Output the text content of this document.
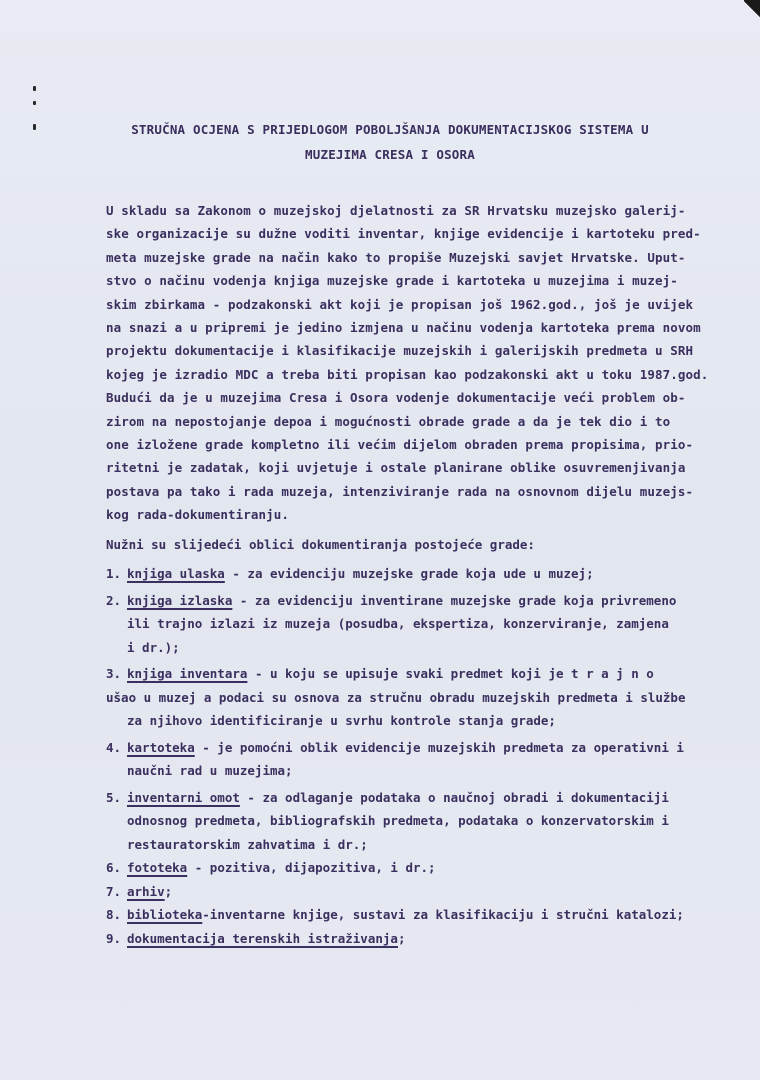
STRUČNA OCJENA S PRIJEDLOGOM POBOLJŠANJA DOKUMENTACIJSKOG SISTEMA U
MUZEJIMA CRESA I OSORA
U skladu sa Zakonom o muzejskoj djelatnosti za SR Hrvatsku muzejsko galerij-
ske organizacije su dužne voditi inventar, knjige evidencije i kartoteku pred-
meta muzejske grade na način kako to propiše Muzejski savjet Hrvatske. Uput-
stvo o načinu vodenja knjiga muzejske grade i kartoteka u muzejima i muzej-
skim zbirkama - podzakonski akt koji je propisan još 1962.god., još je uvijek
na snazi a u pripremi je jedino izmjena u načinu vodenja kartoteka prema novom
projektu dokumentacije i klasifikacije muzejskih i galerijskih predmeta u SRH
kojeg je izradio MDC a treba biti propisan kao podzakonski akt u toku 1987.god.
Budući da je u muzejima Cresa i Osora vodenje dokumentacije veći problem ob-
zirom na nepostojanje depoa i mogućnosti obrade grade a da je tek dio i to
one izložene grade kompletno ili većim dijelom obraden prema propisima, prio-
ritetni je zadatak, koji uvjetuje i ostale planirane oblike osuvremenjivanja
postava pa tako i rada muzeja, intenziviranje rada na osnovnom dijelu muzejs-
kog rada-dokumentiranju.
Nužni su slijedeći oblici dokumentiranja postojeće grade:
1. knjiga ulaska - za evidenciju muzejske grade koja ude u muzej;
2. knjiga izlaska - za evidenciju inventirane muzejske grade koja privremeno
ili trajno izlazi iz muzeja (posudba, ekspertiza, konzerviranje, zamjena
i dr.);
3. knjiga inventara - u koju se upisuje svaki predmet koji je t r a j n o
ušao u muzej a podaci su osnova za stručnu obradu muzejskih predmeta i službe
za njihovo identificiranje u svrhu kontrole stanja grade;
4. kartoteka - je pomoćni oblik evidencije muzejskih predmeta za operativni i
naučni rad u muzejima;
5. inventarni omot - za odlaganje podataka o naučnoj obradi i dokumentaciji
odnosnog predmeta, bibliografskih predmeta, podataka o konzervatorskim i
restauratorskim zahvatima i dr.;
6. fototeka - pozitiva, dijapozitiva, i dr.;
7. arhiv;
8. biblioteka-inventarne knjige, sustavi za klasifikaciju i stručni katalozi;
9. dokumentacija terenskih istraživanja;
